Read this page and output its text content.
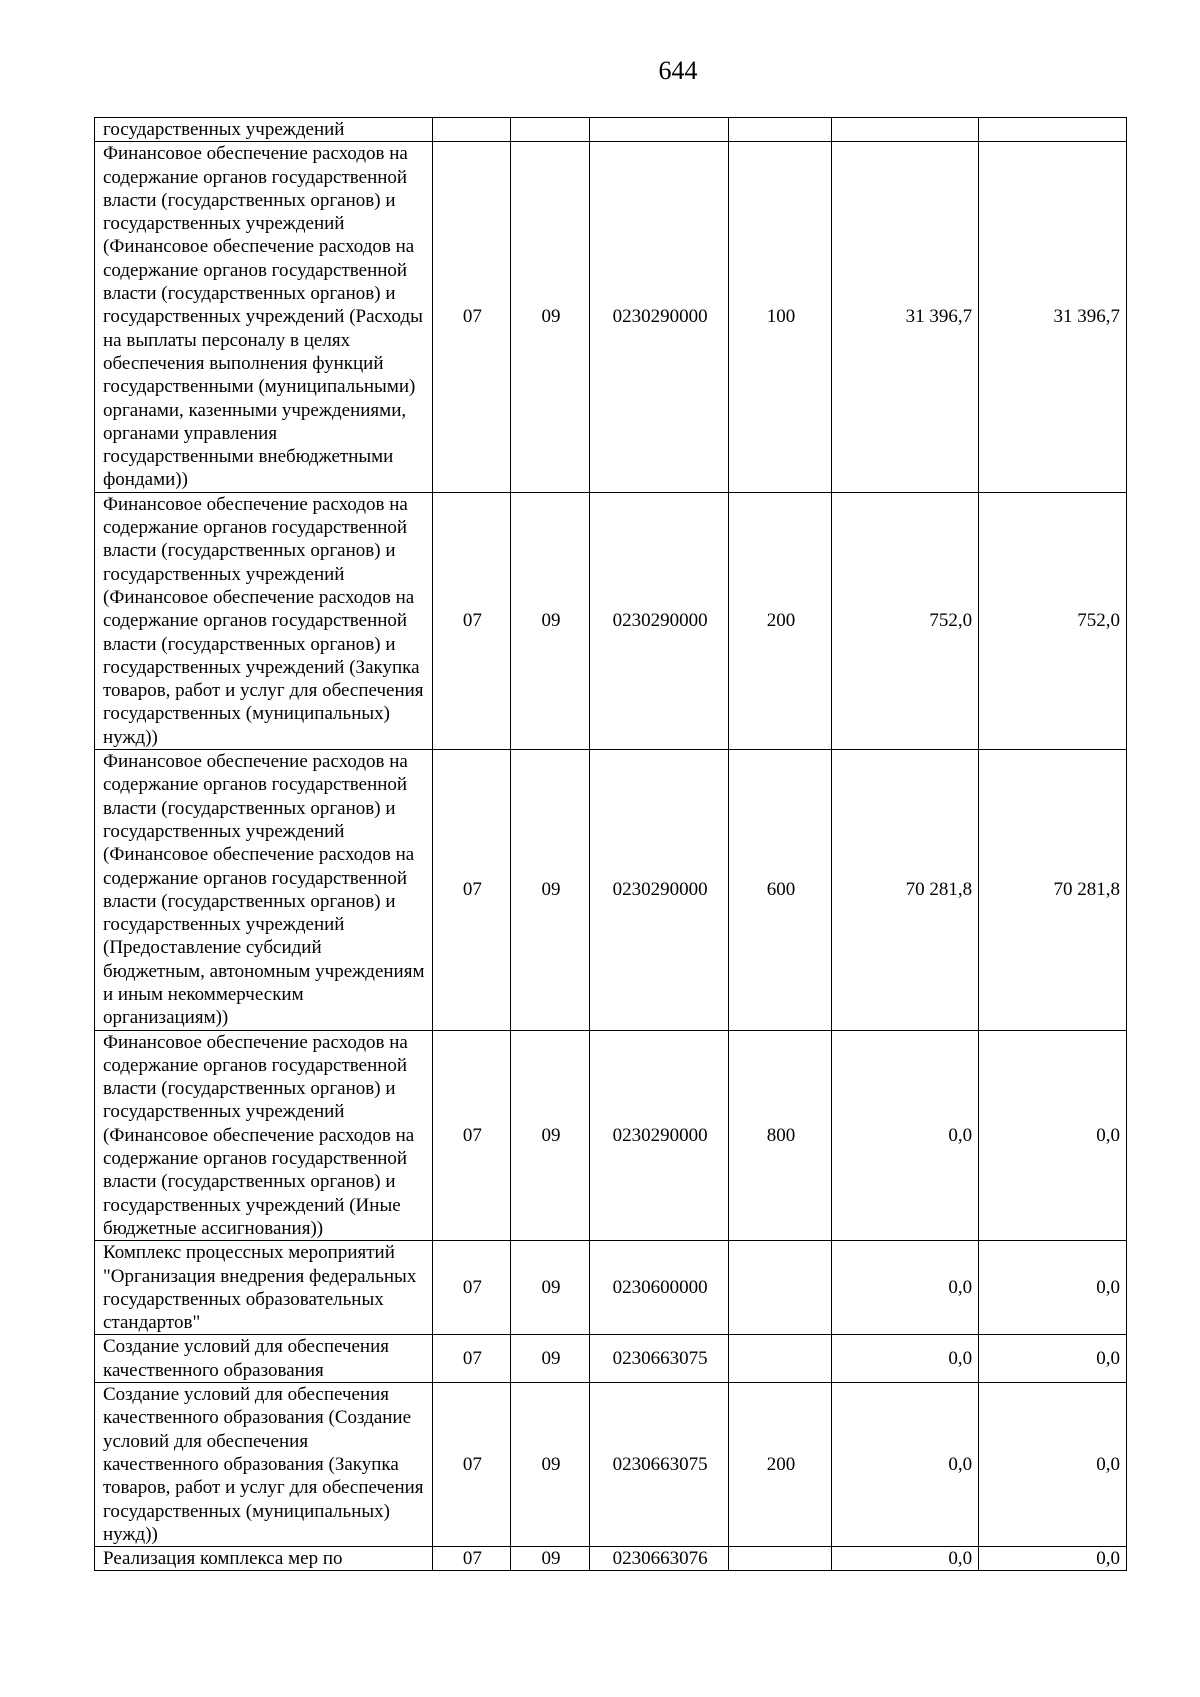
644
государственных учреждений						
Финансовое обеспечение расходов на содержание органов государственной власти (государственных органов) и государственных учреждений (Финансовое обеспечение расходов на содержание органов государственной власти (государственных органов) и государственных учреждений (Расходы на выплаты персоналу в целях обеспечения выполнения функций государственными (муниципальными) органами, казенными учреждениями, органами управления государственными внебюджетными фондами))	07	09	0230290000	100	31 396,7	31 396,7
Финансовое обеспечение расходов на содержание органов государственной власти (государственных органов) и государственных учреждений (Финансовое обеспечение расходов на содержание органов государственной власти (государственных органов) и государственных учреждений (Закупка товаров, работ и услуг для обеспечения государственных (муниципальных) нужд))	07	09	0230290000	200	752,0	752,0
Финансовое обеспечение расходов на содержание органов государственной власти (государственных органов) и государственных учреждений (Финансовое обеспечение расходов на содержание органов государственной власти (государственных органов) и государственных учреждений (Предоставление субсидий бюджетным, автономным учреждениям и иным некоммерческим организациям))	07	09	0230290000	600	70 281,8	70 281,8
Финансовое обеспечение расходов на содержание органов государственной власти (государственных органов) и государственных учреждений (Финансовое обеспечение расходов на содержание органов государственной власти (государственных органов) и государственных учреждений (Иные бюджетные ассигнования))	07	09	0230290000	800	0,0	0,0
Комплекс процессных мероприятий "Организация внедрения федеральных государственных образовательных стандартов"	07	09	0230600000		0,0	0,0
Создание условий для обеспечения качественного образования	07	09	0230663075		0,0	0,0
Создание условий для обеспечения качественного образования (Создание условий для обеспечения качественного образования (Закупка товаров, работ и услуг для обеспечения государственных (муниципальных) нужд))	07	09	0230663075	200	0,0	0,0
Реализация комплекса мер по	07	09	0230663076		0,0	0,0
